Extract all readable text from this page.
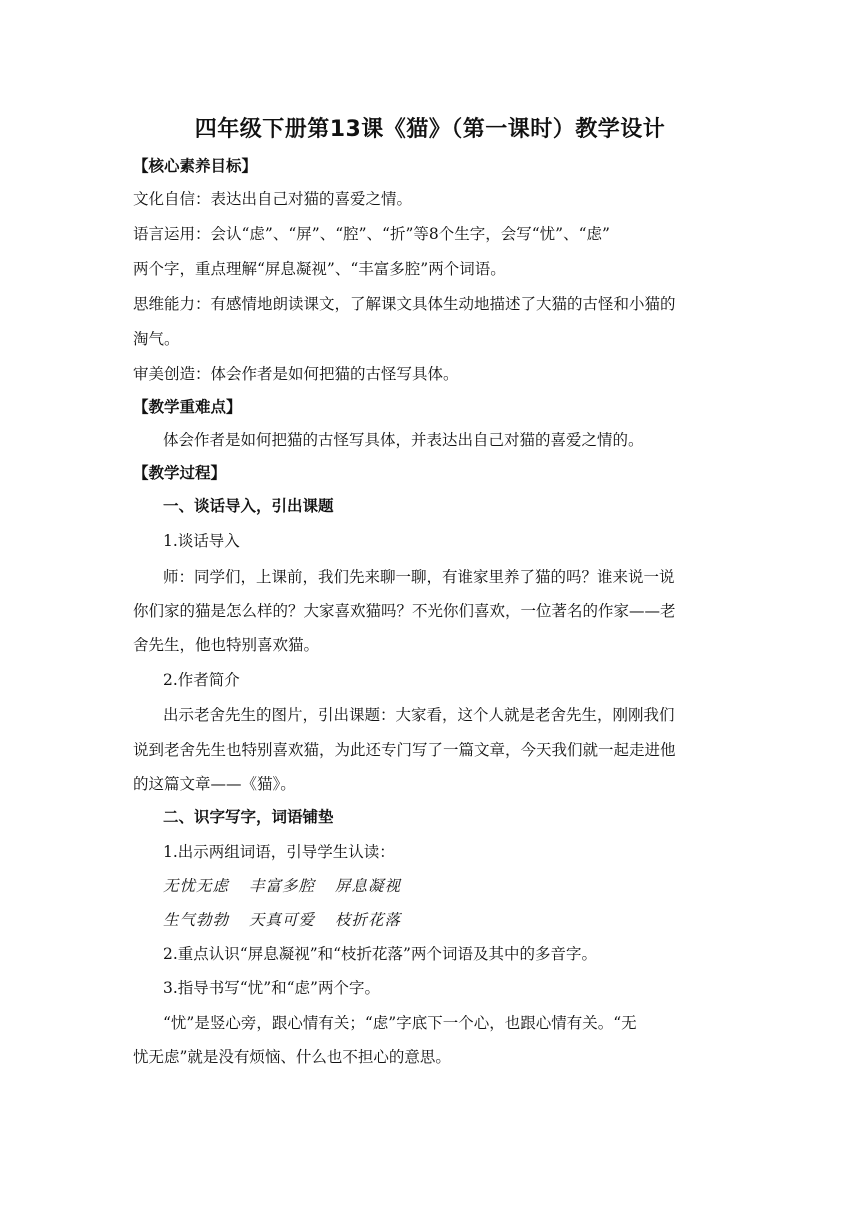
四年级下册第13课《猫》（第一课时）教学设计
【核心素养目标】
文化自信：表达出自己对猫的喜爱之情。
语言运用：会认“虑”、“屏”、“腔”、“折”等8个生字，会写“忧”、“虑”
两个字，重点理解“屏息凝视”、“丰富多腔”两个词语。
思维能力：有感情地朗读课文，了解课文具体生动地描述了大猫的古怪和小猫的
淘气。
审美创造：体会作者是如何把猫的古怪写具体。
【教学重难点】
体会作者是如何把猫的古怪写具体，并表达出自己对猫的喜爱之情的。
【教学过程】
一、谈话导入，引出课题
1.谈话导入
师：同学们，上课前，我们先来聊一聊，有谁家里养了猫的吗？谁来说一说
你们家的猫是怎么样的？大家喜欢猫吗？不光你们喜欢，一位著名的作家——老
舍先生，他也特别喜欢猫。
2.作者简介
出示老舍先生的图片，引出课题：大家看，这个人就是老舍先生，刚刚我们
说到老舍先生也特别喜欢猫，为此还专门写了一篇文章，今天我们就一起走进他
的这篇文章——《猫》。
二、识字写字，词语铺垫
1.出示两组词语，引导学生认读：
无忧无虑 丰富多腔 屏息凝视
生气勃勃 天真可爱 枝折花落
2.重点认识“屏息凝视”和“枝折花落”两个词语及其中的多音字。
3.指导书写“忧”和“虑”两个字。
“忧”是竖心旁，跟心情有关；“虑”字底下一个心，也跟心情有关。“无
忧无虑”就是没有烦恼、什么也不担心的意思。
